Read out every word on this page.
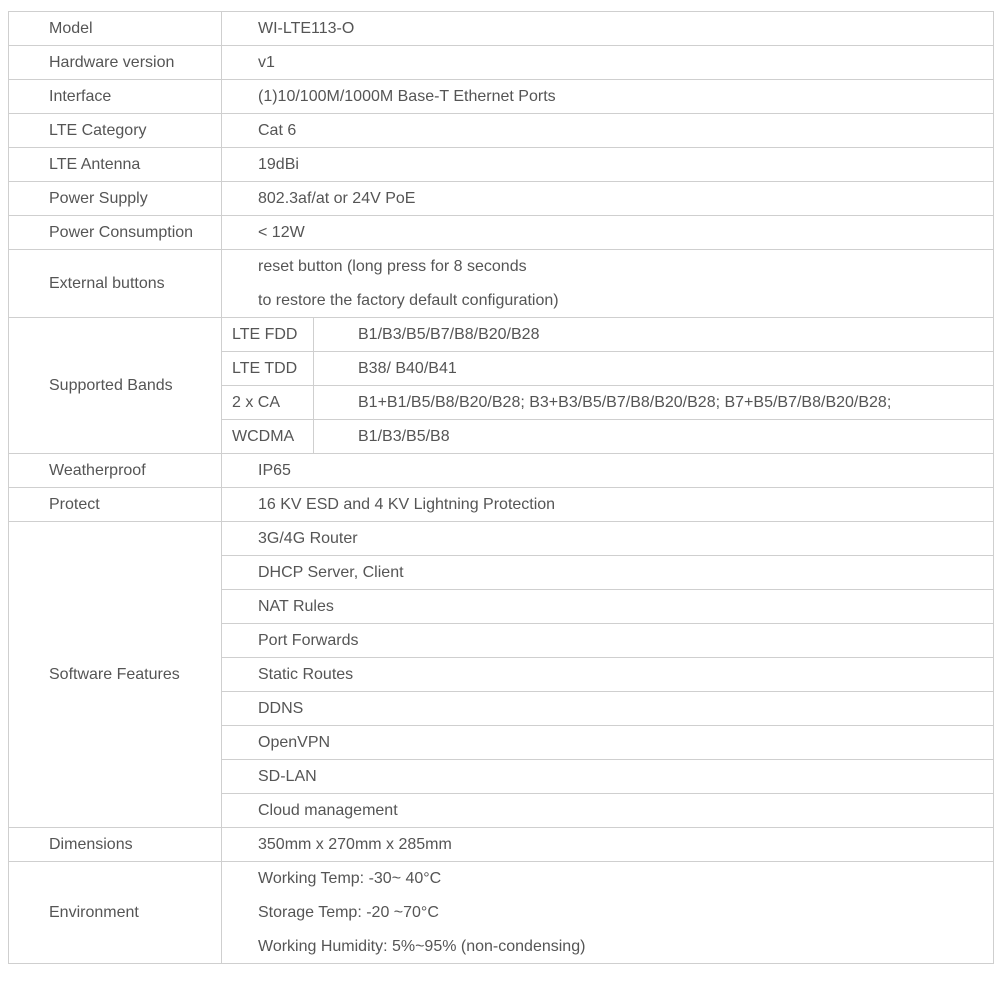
Model	WI-LTE113-O	
Hardware version	v1	
Interface	(1)10/100M/1000M Base-T Ethernet Ports	
LTE Category	Cat 6	
LTE Antenna	19dBi	
Power Supply	802.3af/at or 24V PoE	
Power Consumption	< 12W	
External buttons	reset button (long press for 8 seconds	
	to restore the factory default configuration)	
Supported Bands	LTE FDD	B1/B3/B5/B7/B8/B20/B28
	LTE TDD	B38/ B40/B41
	2 x CA	B1+B1/B5/B8/B20/B28; B3+B3/B5/B7/B8/B20/B28; B7+B5/B7/B8/B20/B28;
	WCDMA	B1/B3/B5/B8
Weatherproof	IP65	
Protect	16 KV ESD and 4 KV Lightning Protection	
Software Features	3G/4G Router	
	DHCP Server, Client	
	NAT Rules	
	Port Forwards	
	Static Routes	
	DDNS	
	OpenVPN	
	SD-LAN	
	Cloud management	
Dimensions	350mm x 270mm x 285mm	
Environment	Working Temp: -30~ 40°C	
	Storage Temp: -20 ~70°C	
	Working Humidity: 5%~95% (non-condensing)	
